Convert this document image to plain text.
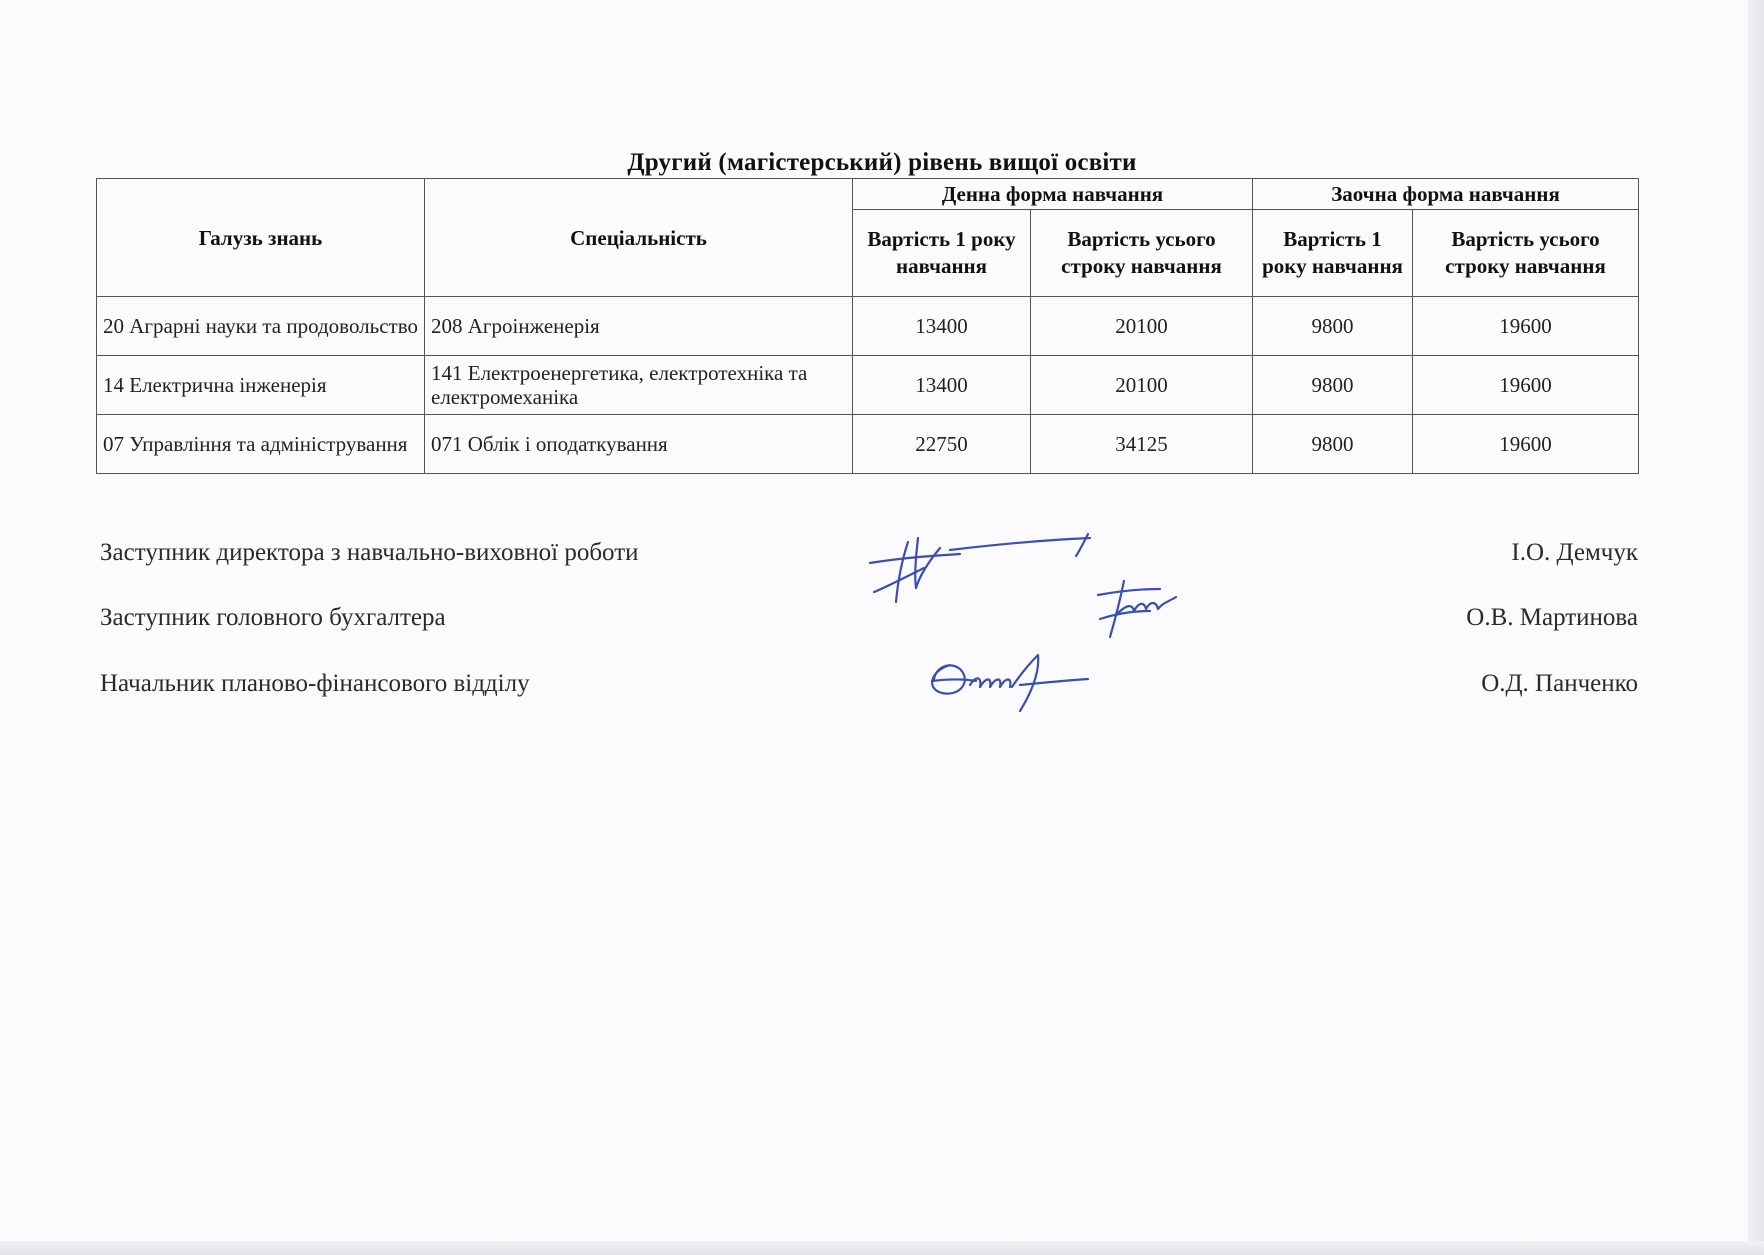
Другий (магістерський) рівень вищої освіти
Галузь знань	Спеціальність	Денна форма навчання		Заочна форма навчання	
		Вартість 1 року навчання	Вартість усього строку навчання	Вартість 1 року навчання	Вартість усього строку навчання
20 Аграрні науки та продовольство	208 Агроінженерія	13400	20100	9800	19600
14 Електрична інженерія	141 Електроенергетика, електротехніка та електромеханіка	13400	20100	9800	19600
07 Управління та адміністрування	071 Облік і оподаткування	22750	34125	9800	19600
Заступник директора з навчально-виховної роботи	І.О. Демчук
Заступник головного бухгалтера	О.В. Мартинова
Начальник планово-фінансового відділу	О.Д. Панченко
